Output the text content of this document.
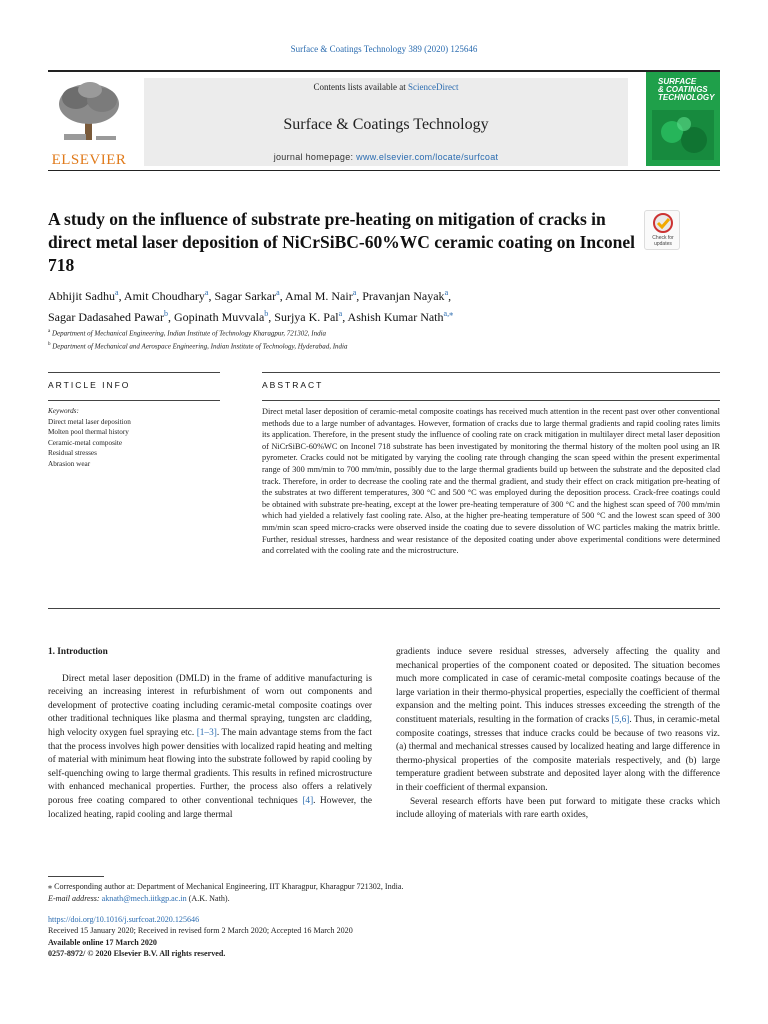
Surface & Coatings Technology 389 (2020) 125646
ELSEVIER
Contents lists available at ScienceDirect
Surface & Coatings Technology
journal homepage: www.elsevier.com/locate/surfcoat
SURFACE
& COATINGS
TECHNOLOGY
A study on the influence of substrate pre-heating on mitigation of cracks in direct metal laser deposition of NiCrSiBC-60%WC ceramic coating on Inconel 718
Check for updates
Abhijit Sadhu$^a$, Amit Choudhary$^a$, Sagar Sarkar$^a$, Amal M. Nair$^a$, Pravanjan Nayak$^a$,
Sagar Dadasahed Pawar$^b$, Gopinath Muvvala$^b$, Surjya K. Pal$^a$, Ashish Kumar Nath$^{a,⁎}$
$^a$ Department of Mechanical Engineering, Indian Institute of Technology Kharagpur, 721302, India
$^b$ Department of Mechanical and Aerospace Engineering, Indian Institute of Technology, Hyderabad, India
ARTICLE INFO	ABSTRACT
Keywords:
Direct metal laser deposition
Molten pool thermal history
Ceramic-metal composite
Residual stresses
Abrasion wear
Direct metal laser deposition of ceramic-metal composite coatings has received much attention in the recent past over other conventional methods due to a large number of advantages. However, formation of cracks due to large thermal gradients and rapid cooling rates limits its application. Therefore, in the present study the influence of cooling rate on crack mitigation in multilayer direct metal laser deposition of NiCrSiBC-60%WC on Inconel 718 substrate has been investigated by monitoring the thermal history of the molten pool using an IR pyrometer. Cracks could not be mitigated by varying the cooling rate through changing the scan speed within the present experimental range of 300 mm/min to 700 mm/min, possibly due to the large thermal gradients build up between the substrate and the deposited clad track. Therefore, in order to decrease the cooling rate and the thermal gradient, and study their effect on crack mitigation pre-heating of the substrates at two different temperatures, 300 °C and 500 °C was employed during the deposition process. Crack-free coatings could be obtained with substrate pre-heating, except at the lower pre-heating temperature of 300 °C and the highest scan speed of 700 mm/min which had yielded a relatively fast cooling rate. Also, at the higher pre-heating temperature of 500 °C and the lowest scan speed of 300 mm/min scan speed micro-cracks were observed inside the coating due to severe dissolution of WC particles making the matrix brittle. Further, residual stresses, hardness and wear resistance of the deposited coating under above experimental conditions were determined and correlated with the cooling rate and the microstructure.
1. Introduction

Direct metal laser deposition (DMLD) in the frame of additive manufacturing is receiving an increasing interest in refurbishment of worn out components and development of protective coating including ceramic-metal composite coatings over other traditional techniques like plasma and thermal spraying, tungsten arc cladding, high velocity oxygen fuel spraying etc. [1–3]. The main advantage stems from the fact that the process involves high power densities with localized rapid heating and melting of material with minimum heat flowing into the substrate followed by rapid cooling by self-quenching owing to large thermal gradients. This results in refined microstructure with enhanced mechanical properties. Further, the process also offers a relatively porous free coating compared to other conventional techniques [4]. However, the localized heating, rapid cooling and large thermal

gradients induce severe residual stresses, adversely affecting the quality and mechanical properties of the component coated or deposited. The situation becomes much more complicated in case of ceramic-metal composite coatings because of the large variation in their thermo-physical properties, especially the coefficient of thermal expansion and the melting point. This induces stresses exceeding the strength of the constituent materials, resulting in the formation of cracks [5,6]. Thus, in ceramic-metal composite coatings, stresses that induce cracks could be because of two reasons viz. (a) thermal and mechanical stresses caused by localized heating and large difference in thermo-physical properties of the composite materials respectively, and (b) large temperature gradient between substrate and deposited layer along with the difference in their coefficient of thermal expansion.

Several research efforts have been put forward to mitigate these cracks which include alloying of materials with rare earth oxides,

⁎ Corresponding author at: Department of Mechanical Engineering, IIT Kharagpur, Kharagpur 721302, India.
E-mail address: aknath@mech.iitkgp.ac.in (A.K. Nath).
https://doi.org/10.1016/j.surfcoat.2020.125646
Received 15 January 2020; Received in revised form 2 March 2020; Accepted 16 March 2020
Available online 17 March 2020
0257-8972/ © 2020 Elsevier B.V. All rights reserved.
